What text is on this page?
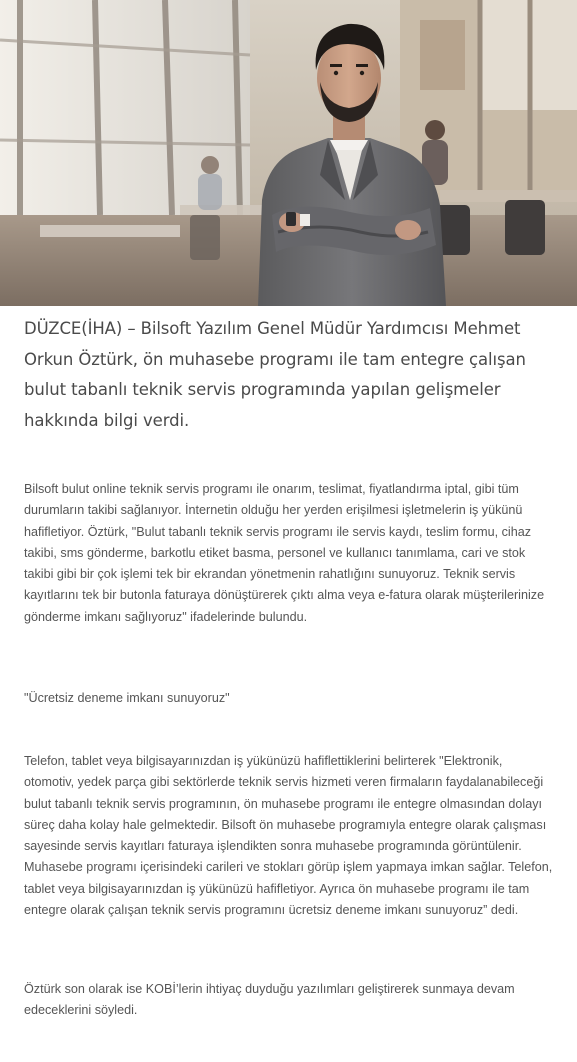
DÜZCE(İHA) – Bilsoft Yazılım Genel Müdür Yardımcısı Mehmet Orkun Öztürk, ön muhasebe programı ile tam entegre çalışan bulut tabanlı teknik servis programında yapılan gelişmeler hakkında bilgi verdi.

Bilsoft bulut online teknik servis programı ile onarım, teslimat, fiyatlandırma iptal, gibi tüm durumların takibi sağlanıyor. İnternetin olduğu her yerden erişilmesi işletmelerin iş yükünü hafifletiyor. Öztürk, "Bulut tabanlı teknik servis programı ile servis kaydı, teslim formu, cihaz takibi, sms gönderme, barkotlu etiket basma, personel ve kullanıcı tanımlama, cari ve stok takibi gibi bir çok işlemi tek bir ekrandan yönetmenin rahatlığını sunuyoruz. Teknik servis kayıtlarını tek bir butonla faturaya dönüştürerek çıktı alma veya e-fatura olarak müşterilerinize gönderme imkanı sağlıyoruz" ifadelerinde bulundu.

"Ücretsiz deneme imkanı sunuyoruz"

Telefon, tablet veya bilgisayarınızdan iş yükünüzü hafiflettiklerini belirterek "Elektronik, otomotiv, yedek parça gibi sektörlerde teknik servis hizmeti veren firmaların faydalanabileceği bulut tabanlı teknik servis programının, ön muhasebe programı ile entegre olmasından dolayı süreç daha kolay hale gelmektedir. Bilsoft ön muhasebe programıyla entegre olarak çalışması sayesinde servis kayıtları faturaya işlendikten sonra muhasebe programında görüntülenir. Muhasebe programı içerisindeki carileri ve stokları görüp işlem yapmaya imkan sağlar. Telefon, tablet veya bilgisayarınızdan iş yükünüzü hafifletiyor. Ayrıca ön muhasebe programı ile tam entegre olarak çalışan teknik servis programını ücretsiz deneme imkanı sunuyoruz” dedi.

Öztürk son olarak ise KOBİ’lerin ihtiyaç duyduğu yazılımları geliştirerek sunmaya devam edeceklerini söyledi.
